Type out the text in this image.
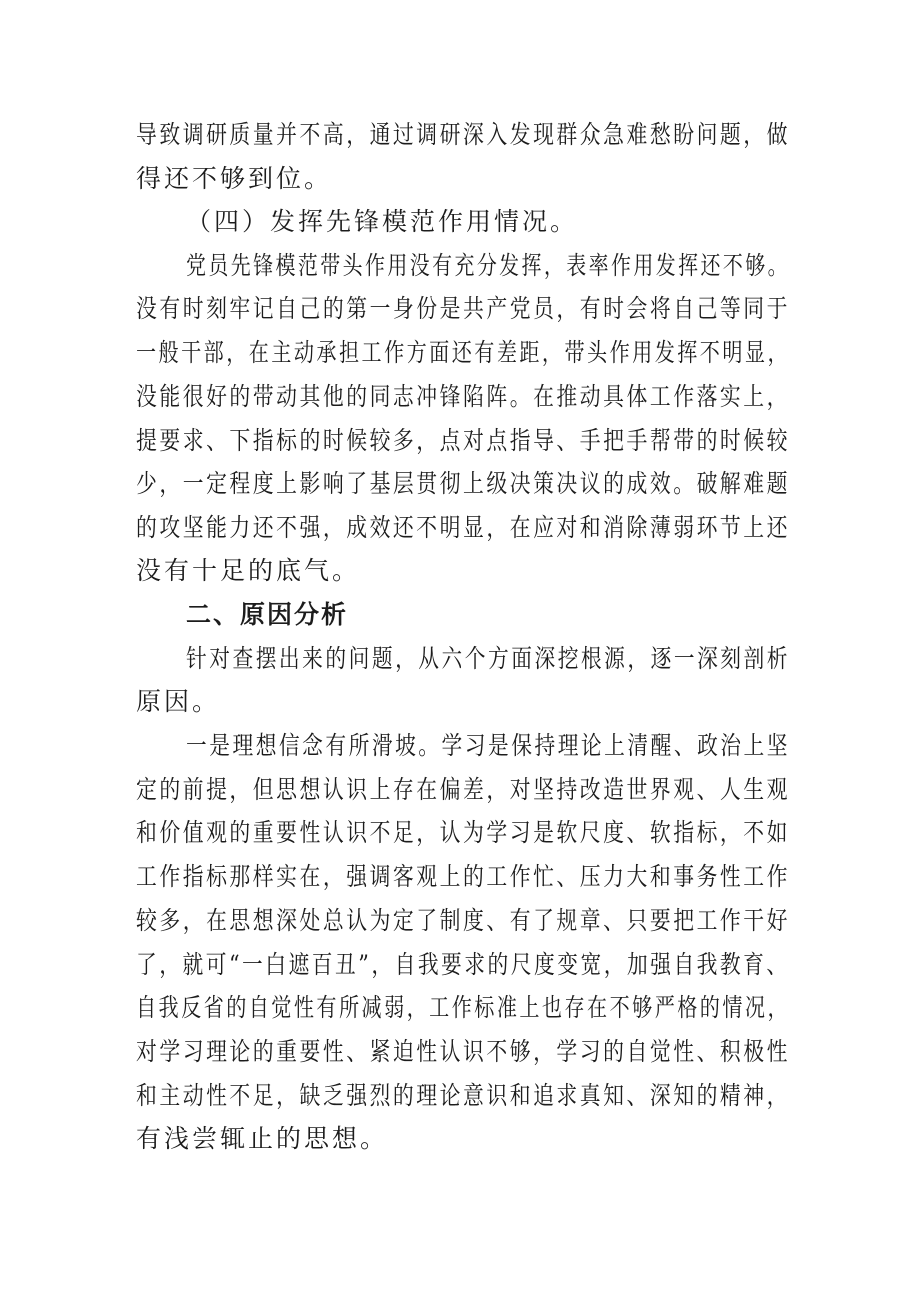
导致调研质量并不高，通过调研深入发现群众急难愁盼问题，做
得还不够到位。
（四）发挥先锋模范作用情况。
党员先锋模范带头作用没有充分发挥，表率作用发挥还不够。
没有时刻牢记自己的第一身份是共产党员，有时会将自己等同于
一般干部，在主动承担工作方面还有差距，带头作用发挥不明显，
没能很好的带动其他的同志冲锋陷阵。在推动具体工作落实上，
提要求、下指标的时候较多，点对点指导、手把手帮带的时候较
少，一定程度上影响了基层贯彻上级决策决议的成效。破解难题
的攻坚能力还不强，成效还不明显，在应对和消除薄弱环节上还
没有十足的底气。
二、原因分析
针对查摆出来的问题，从六个方面深挖根源，逐一深刻剖析
原因。
一是理想信念有所滑坡。学习是保持理论上清醒、政治上坚
定的前提，但思想认识上存在偏差，对坚持改造世界观、人生观
和价值观的重要性认识不足，认为学习是软尺度、软指标，不如
工作指标那样实在，强调客观上的工作忙、压力大和事务性工作
较多，在思想深处总认为定了制度、有了规章、只要把工作干好
了，就可“一白遮百丑”，自我要求的尺度变宽，加强自我教育、
自我反省的自觉性有所减弱，工作标准上也存在不够严格的情况，
对学习理论的重要性、紧迫性认识不够，学习的自觉性、积极性
和主动性不足，缺乏强烈的理论意识和追求真知、深知的精神，
有浅尝辄止的思想。
